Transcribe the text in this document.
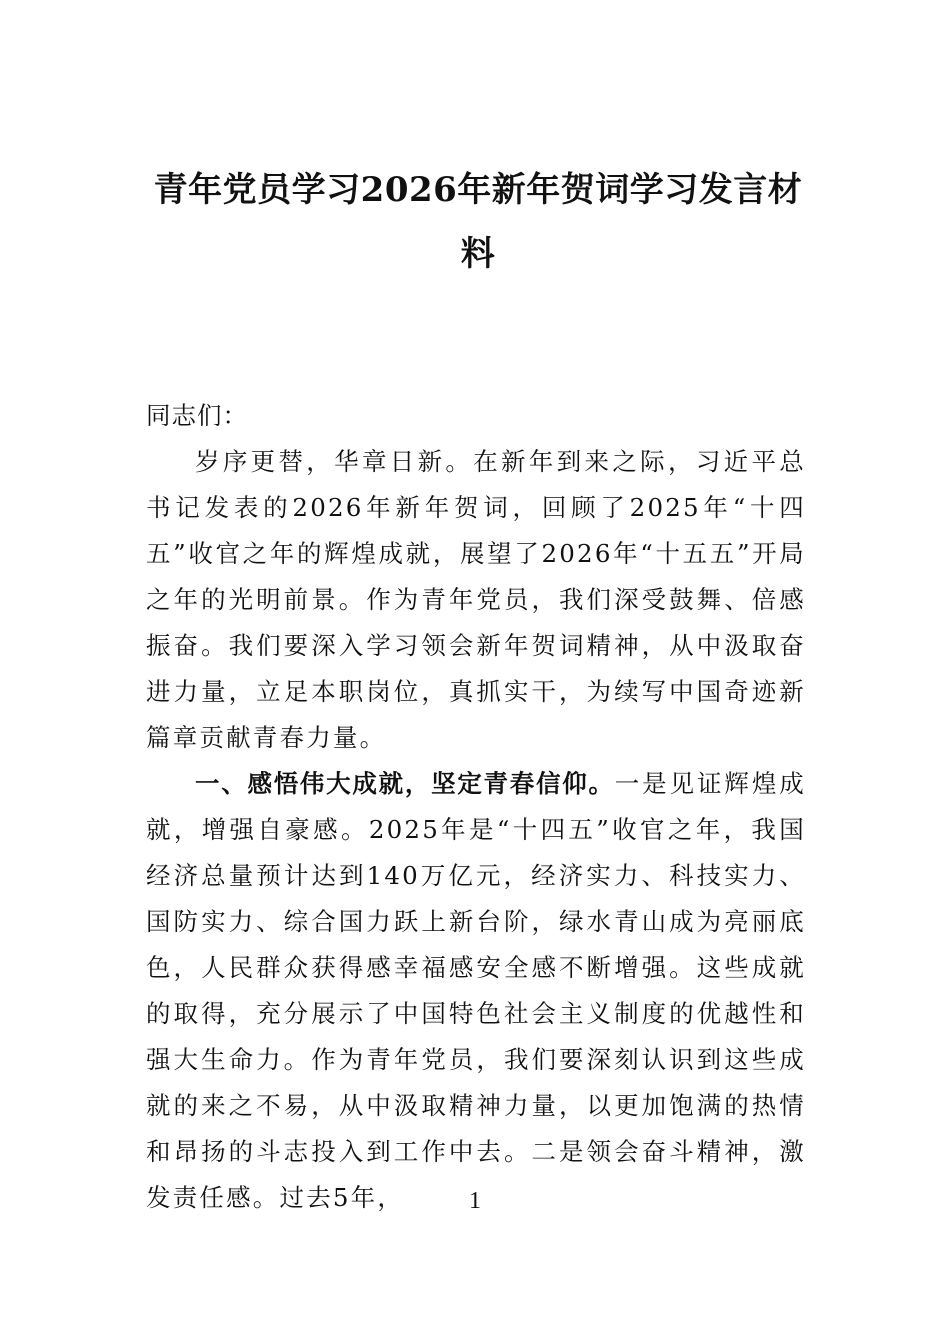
青年党员学习2026年新年贺词学习发言材料

同志们：

岁序更替，华章日新。在新年到来之际，习近平总书记发表的2026年新年贺词，回顾了2025年“十四五”收官之年的辉煌成就，展望了2026年“十五五”开局之年的光明前景。作为青年党员，我们深受鼓舞、倍感振奋。我们要深入学习领会新年贺词精神，从中汲取奋进力量，立足本职岗位，真抓实干，为续写中国奇迹新篇章贡献青春力量。

一、感悟伟大成就，坚定青春信仰。一是见证辉煌成就，增强自豪感。2025年是“十四五”收官之年，我国经济总量预计达到140万亿元，经济实力、科技实力、国防实力、综合国力跃上新台阶，绿水青山成为亮丽底色，人民群众获得感幸福感安全感不断增强。这些成就的取得，充分展示了中国特色社会主义制度的优越性和强大生命力。作为青年党员，我们要深刻认识到这些成就的来之不易，从中汲取精神力量，以更加饱满的热情和昂扬的斗志投入到工作中去。二是领会奋斗精神，激发责任感。过去5年，	1
